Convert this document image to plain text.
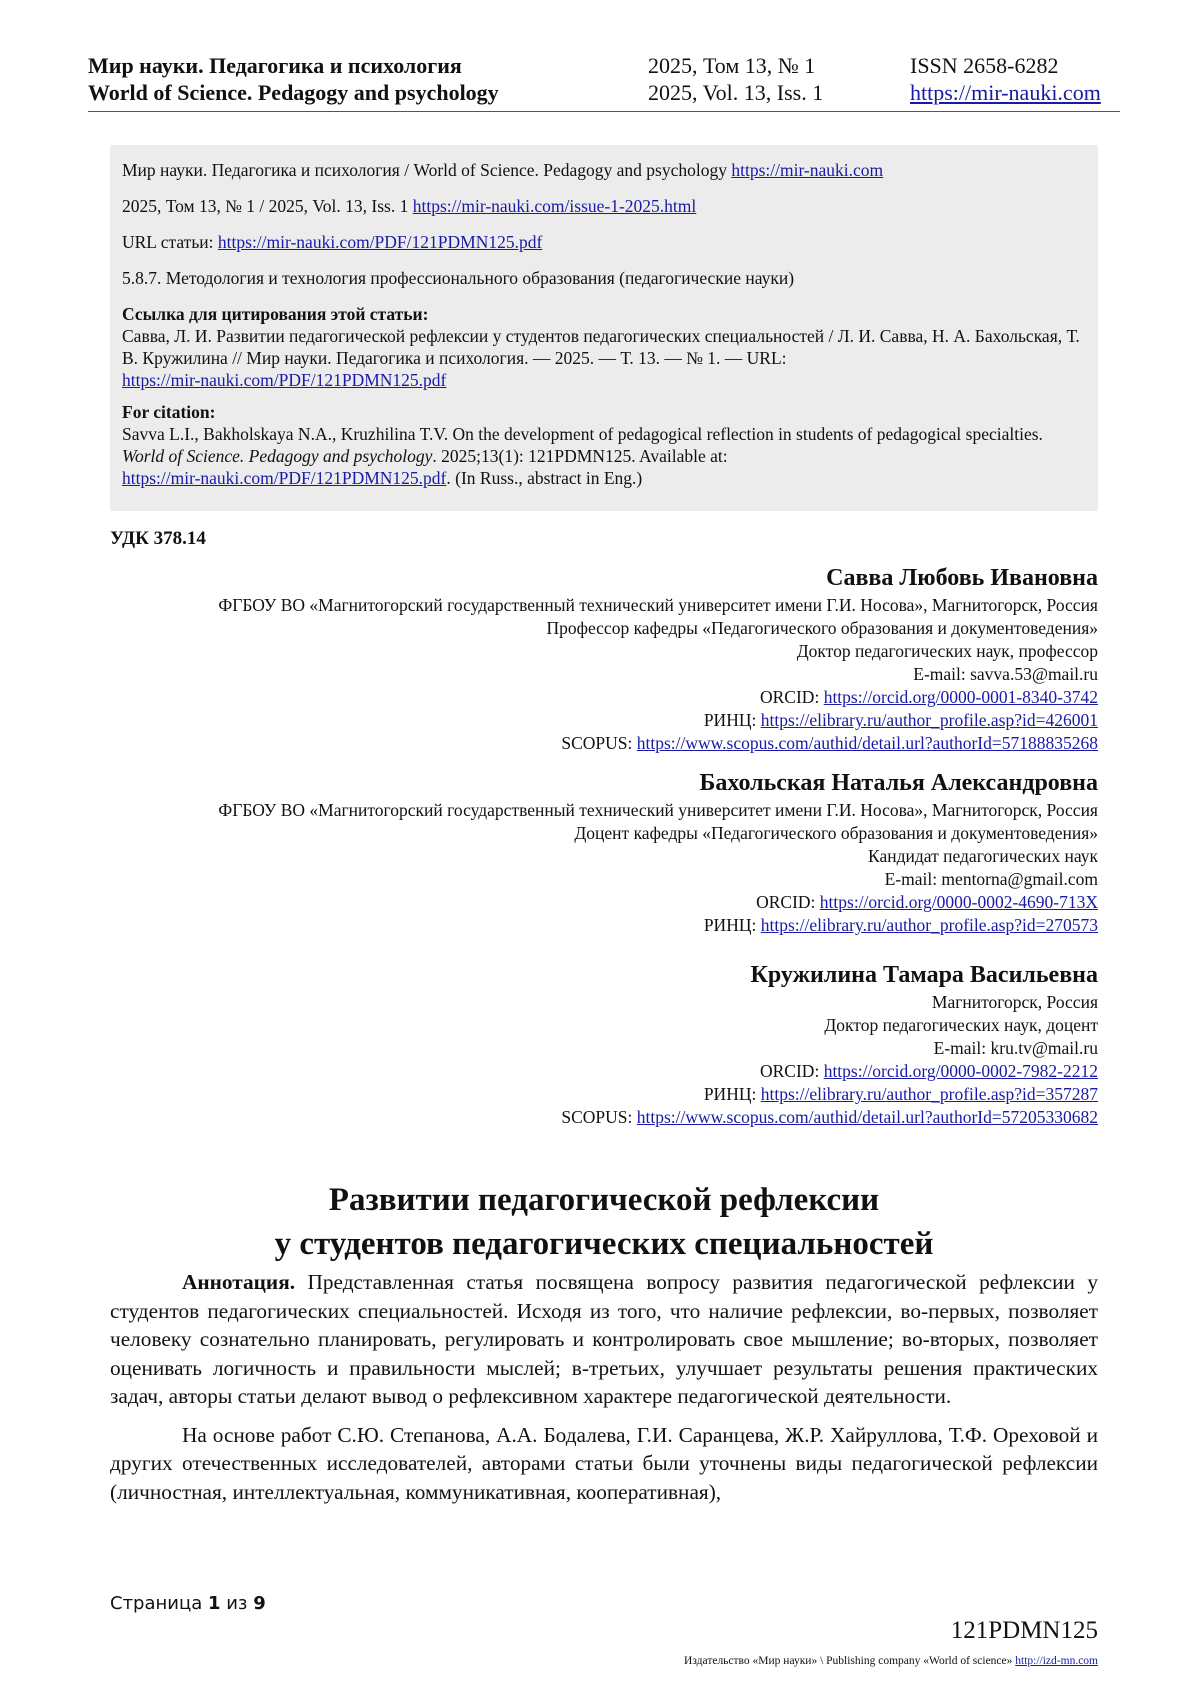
Мир науки. Педагогика и психология
World of Science. Pedagogy and psychology
2025, Том 13, № 1
2025, Vol. 13, Iss. 1
ISSN 2658-6282
https://mir-nauki.com

Мир науки. Педагогика и психология / World of Science. Pedagogy and psychology https://mir-nauki.com

2025, Том 13, № 1 / 2025, Vol. 13, Iss. 1 https://mir-nauki.com/issue-1-2025.html

URL статьи: https://mir-nauki.com/PDF/121PDMN125.pdf

5.8.7. Методология и технология профессионального образования (педагогические науки)

Ссылка для цитирования этой статьи:
Савва, Л. И. Развитии педагогической рефлексии у студентов педагогических специальностей / Л. И. Савва, Н. А. Бахольская, Т. В. Кружилина // Мир науки. Педагогика и психология. — 2025. — Т. 13. — № 1. — URL:
https://mir-nauki.com/PDF/121PDMN125.pdf

For citation:
Savva L.I., Bakholskaya N.A., Kruzhilina T.V. On the development of pedagogical reflection in students of pedagogical specialties. World of Science. Pedagogy and psychology. 2025;13(1): 121PDMN125. Available at:
https://mir-nauki.com/PDF/121PDMN125.pdf. (In Russ., abstract in Eng.)

УДК 378.14
Савва Любовь Ивановна
ФГБОУ ВО «Магнитогорский государственный технический университет имени Г.И. Носова», Магнитогорск, Россия
Профессор кафедры «Педагогического образования и документоведения»
Доктор педагогических наук, профессор
E-mail: savva.53@mail.ru
ORCID: https://orcid.org/0000-0001-8340-3742
РИНЦ: https://elibrary.ru/author_profile.asp?id=426001
SCOPUS: https://www.scopus.com/authid/detail.url?authorId=57188835268
Бахольская Наталья Александровна
ФГБОУ ВО «Магнитогорский государственный технический университет имени Г.И. Носова», Магнитогорск, Россия
Доцент кафедры «Педагогического образования и документоведения»
Кандидат педагогических наук
E-mail: mentorna@gmail.com
ORCID: https://orcid.org/0000-0002-4690-713X
РИНЦ: https://elibrary.ru/author_profile.asp?id=270573
Кружилина Тамара Васильевна
Магнитогорск, Россия
Доктор педагогических наук, доцент
E-mail: kru.tv@mail.ru
ORCID: https://orcid.org/0000-0002-7982-2212
РИНЦ: https://elibrary.ru/author_profile.asp?id=357287
SCOPUS: https://www.scopus.com/authid/detail.url?authorId=57205330682
Развитии педагогической рефлексии
у студентов педагогических специальностей

Аннотация. Представленная статья посвящена вопросу развития педагогической рефлексии у студентов педагогических специальностей. Исходя из того, что наличие рефлексии, во-первых, позволяет человеку сознательно планировать, регулировать и контролировать свое мышление; во-вторых, позволяет оценивать логичность и правильности мыслей; в-третьих, улучшает результаты решения практических задач, авторы статьи делают вывод о рефлексивном характере педагогической деятельности.

На основе работ С.Ю. Степанова, А.А. Бодалева, Г.И. Саранцева, Ж.Р. Хайруллова, Т.Ф. Ореховой и других отечественных исследователей, авторами статьи были уточнены виды педагогической рефлексии (личностная, интеллектуальная, коммуникативная, кооперативная),

Страница 1 из 9
121PDMN125
Издательство «Мир науки» \ Publishing company «World of science» http://izd-mn.com
